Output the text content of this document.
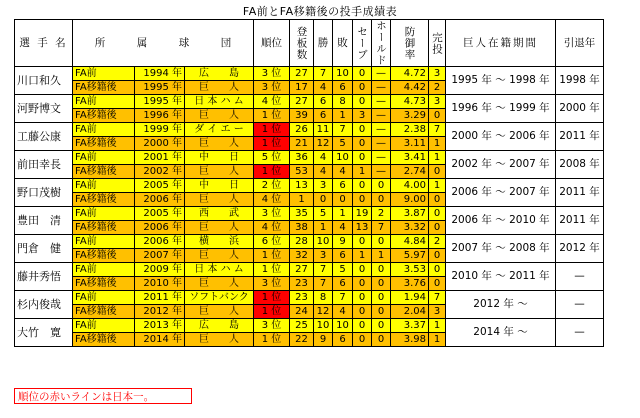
FA前とFA移籍後の投手成績表
選 手 名	所　　　属　　　球　　　団			順位	登板数	勝	敗	セーブ	ホールド	防御率	完投	巨人在籍期間	引退年
川口和久	FA前	1994 年	広　　島	3 位	27	7	10	0	—	4.72	3	1995 年 ～ 1998 年	1998 年
	FA移籍後	1995 年	巨　　人	3 位	17	4	6	0	—	4.42	2		
河野博文	FA前	1995 年	日 本 ハ ム	4 位	27	6	8	0	—	4.73	3	1996 年 ～ 1999 年	2000 年
	FA移籍後	1996 年	巨　　人	1 位	39	6	1	3	—	3.29	0		
工藤公康	FA前	1999 年	ダ イ エ ー	1 位	26	11	7	0	—	2.38	7	2000 年 ～ 2006 年	2011 年
	FA移籍後	2000 年	巨　　人	1 位	21	12	5	0	—	3.11	1		
前田幸長	FA前	2001 年	中　　日	5 位	36	4	10	0	—	3.41	1	2002 年 ～ 2007 年	2008 年
	FA移籍後	2002 年	巨　　人	1 位	53	4	4	1	—	2.74	0		
野口茂樹	FA前	2005 年	中　　日	2 位	13	3	6	0	0	4.00	1	2006 年 ～ 2007 年	2011 年
	FA移籍後	2006 年	巨　　人	4 位	1	0	0	0	0	9.00	0		
豊田　清	FA前	2005 年	西　　武	3 位	35	5	1	19	2	3.87	0	2006 年 ～ 2010 年	2011 年
	FA移籍後	2006 年	巨　　人	4 位	38	1	4	13	7	3.32	0		
門倉　健	FA前	2006 年	横　　浜	6 位	28	10	9	0	0	4.84	2	2007 年 ～ 2008 年	2012 年
	FA移籍後	2007 年	巨　　人	1 位	32	3	6	1	1	5.97	0		
藤井秀悟	FA前	2009 年	日 本 ハ ム	1 位	27	7	5	0	0	3.53	0	2010 年 ～ 2011 年	—
	FA移籍後	2010 年	巨　　人	3 位	23	7	6	0	0	3.76	0		
杉内俊哉	FA前	2011 年	ソフトバンク	1 位	23	8	7	0	0	1.94	7	2012 年 ～	—
	FA移籍後	2012 年	巨　　人	1 位	24	12	4	0	0	2.04	3		
大竹　寛	FA前	2013 年	広　　島	3 位	25	10	10	0	0	3.37	1	2014 年 ～	—
	FA移籍後	2014 年	巨　　人	1 位	22	9	6	0	0	3.98	1		
順位の赤いラインは日本一。
